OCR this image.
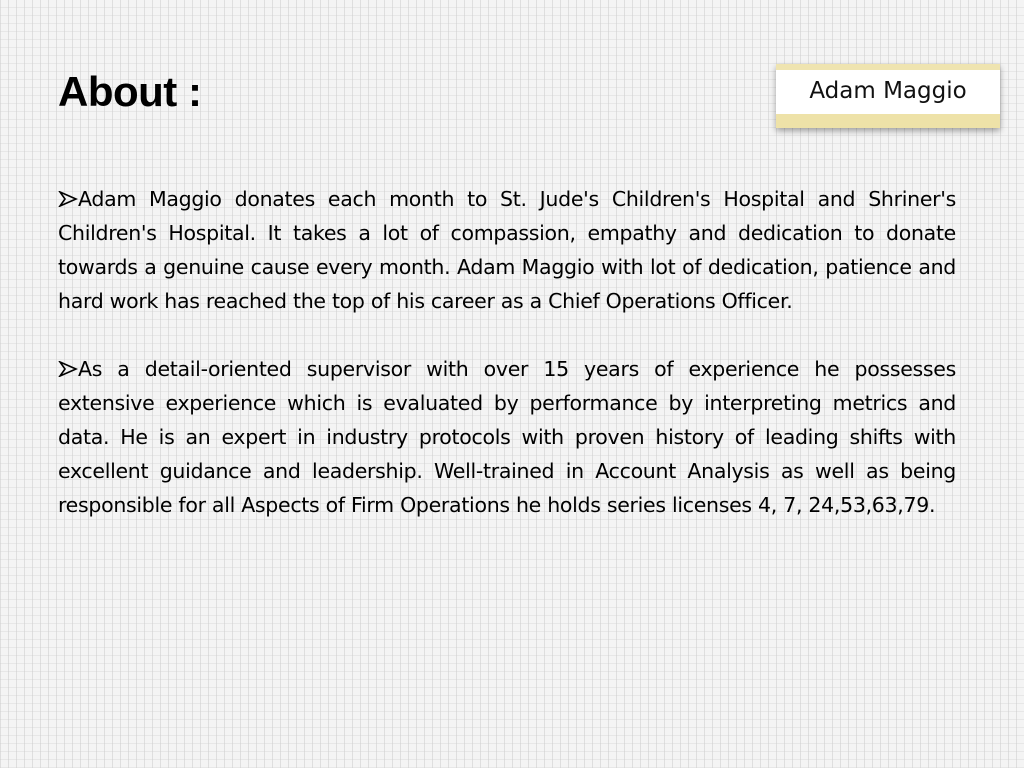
About :	Adam Maggio

Adam Maggio donates each month to St. Jude's Children's Hospital and Shriner's Children's Hospital. It takes a lot of compassion, empathy and dedication to donate towards a genuine cause every month. Adam Maggio with lot of dedication, patience and hard work has reached the top of his career as a Chief Operations Officer.

As a detail-oriented supervisor with over 15 years of experience he possesses extensive experience which is evaluated by performance by interpreting metrics and data. He is an expert in industry protocols with proven history of leading shifts with excellent guidance and leadership. Well-trained in Account Analysis as well as being responsible for all Aspects of Firm Operations he holds series licenses 4, 7, 24,53,63,79.
